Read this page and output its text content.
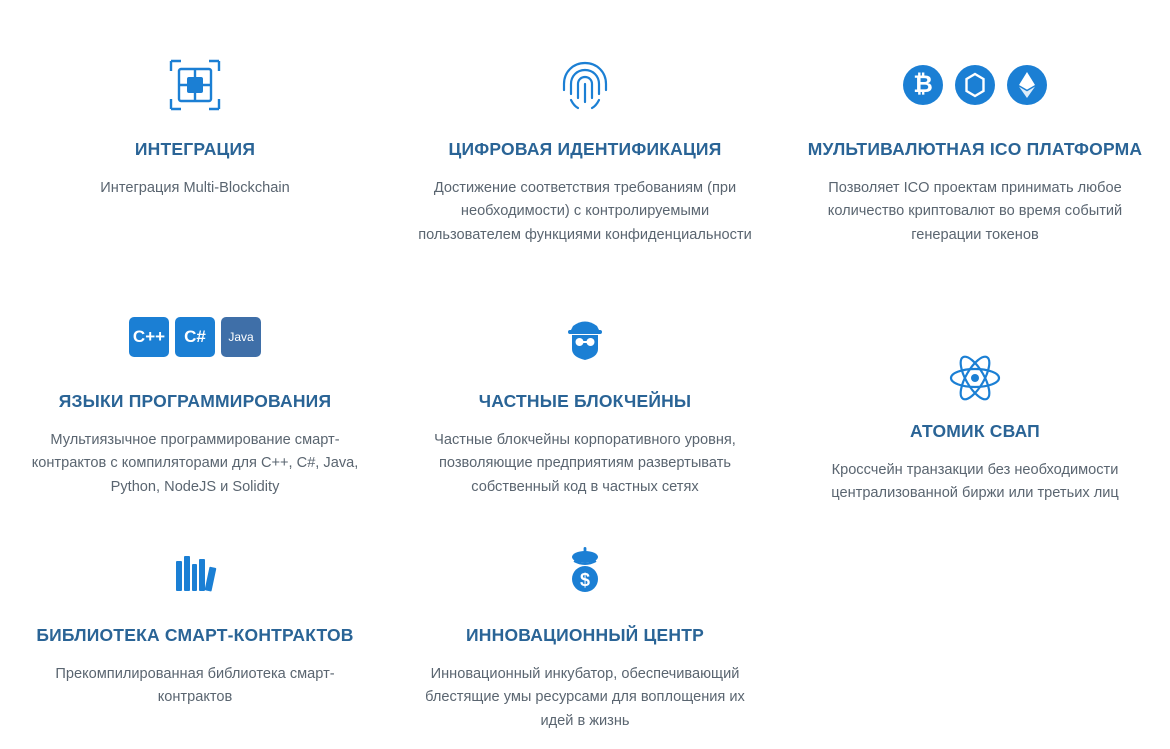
ИНТЕГРАЦИЯ
Интеграция Multi-Blockchain
ЦИФРОВАЯ ИДЕНТИФИКАЦИЯ
Достижение соответствия требованиям (при необходимости) с контролируемыми пользователем функциями конфиденциальности
₿
МУЛЬТИВАЛЮТНАЯ ICO ПЛАТФОРМА
Позволяет ICO проектам принимать любое количество криптовалют во время событий генерации токенов
C++ C# Java
ЯЗЫКИ ПРОГРАММИРОВАНИЯ
Мультиязычное программирование смарт-контрактов с компиляторами для C++, C#, Java, Python, NodeJS и Solidity
ЧАСТНЫЕ БЛОКЧЕЙНЫ
Частные блокчейны корпоративного уровня, позволяющие предприятиям развертывать собственный код в частных сетях
АТОМИК СВАП
Кроссчейн транзакции без необходимости централизованной биржи или третьих лиц
БИБЛИОТЕКА СМАРТ-КОНТРАКТОВ
Прекомпилированная библиотека смарт-контрактов
$
ИННОВАЦИОННЫЙ ЦЕНТР
Инновационный инкубатор, обеспечивающий блестящие умы ресурсами для воплощения их идей в жизнь
